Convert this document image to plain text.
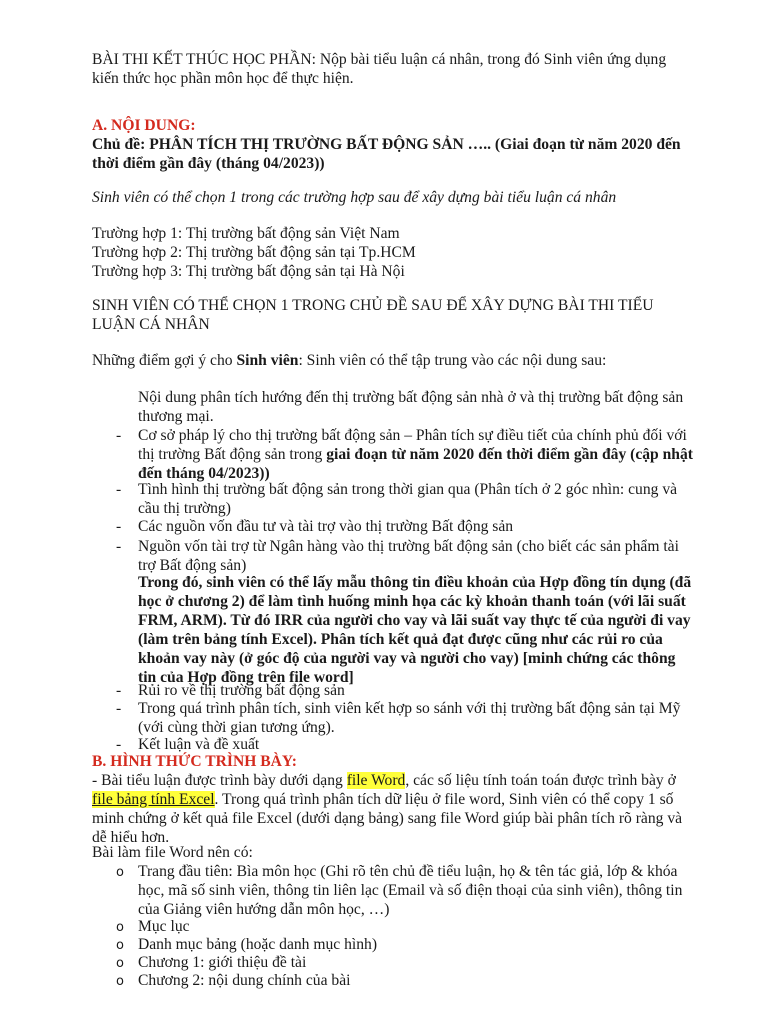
BÀI THI KẾT THÚC HỌC PHẦN: Nộp bài tiểu luận cá nhân, trong đó Sinh viên ứng dụng kiến thức học phần môn học để thực hiện.

A. NỘI DUNG:

Chủ đề: PHÂN TÍCH THỊ TRƯỜNG BẤT ĐỘNG SẢN ….. (Giai đoạn từ năm 2020 đến thời điểm gần đây (tháng 04/2023))

Sinh viên có thể chọn 1 trong các trường hợp sau để xây dựng bài tiểu luận cá nhân

Trường hợp 1: Thị trường bất động sản Việt Nam

Trường hợp 2: Thị trường bất động sản tại Tp.HCM

Trường hợp 3: Thị trường bất động sản tại Hà Nội

SINH VIÊN CÓ THỂ CHỌN 1 TRONG CHỦ ĐỀ SAU ĐỂ XÂY DỰNG BÀI THI TIỂU LUẬN CÁ NHÂN

Những điểm gợi ý cho Sinh viên: Sinh viên có thể tập trung vào các nội dung sau:

Nội dung phân tích hướng đến thị trường bất động sản nhà ở và thị trường bất động sản thương mại.

- Cơ sở pháp lý cho thị trường bất động sản – Phân tích sự điều tiết của chính phủ đối với thị trường Bất động sản trong giai đoạn từ năm 2020 đến thời điểm gần đây (cập nhật đến tháng 04/2023))

- Tình hình thị trường bất động sản trong thời gian qua (Phân tích ở 2 góc nhìn: cung và cầu thị trường)

- Các nguồn vốn đầu tư và tài trợ vào thị trường Bất động sản

- Nguồn vốn tài trợ từ Ngân hàng vào thị trường bất động sản (cho biết các sản phẩm tài trợ Bất động sản)

Trong đó, sinh viên có thể lấy mẫu thông tin điều khoản của Hợp đồng tín dụng (đã học ở chương 2) để làm tình huống minh họa các kỳ khoản thanh toán (với lãi suất FRM, ARM). Từ đó IRR của người cho vay và lãi suất vay thực tế của người đi vay (làm trên bảng tính Excel). Phân tích kết quả đạt được cũng như các rủi ro của khoản vay này (ở góc độ của người vay và người cho vay) [minh chứng các thông tin của Hợp đồng trên file word]

- Rủi ro về thị trường bất động sản

- Trong quá trình phân tích, sinh viên kết hợp so sánh với thị trường bất động sản tại Mỹ (với cùng thời gian tương ứng).

- Kết luận và đề xuất

B. HÌNH THỨC TRÌNH BÀY:

- Bài tiểu luận được trình bày dưới dạng file Word, các số liệu tính toán toán được trình bày ở file bảng tính Excel. Trong quá trình phân tích dữ liệu ở file word, Sinh viên có thể copy 1 số minh chứng ở kết quả file Excel (dưới dạng bảng) sang file Word giúp bài phân tích rõ ràng và dễ hiểu hơn.

Bài làm file Word nên có:

o Trang đầu tiên: Bìa môn học (Ghi rõ tên chủ đề tiểu luận, họ & tên tác giả, lớp & khóa học, mã số sinh viên, thông tin liên lạc (Email và số điện thoại của sinh viên), thông tin của Giảng viên hướng dẫn môn học, …)

o Mục lục

o Danh mục bảng (hoặc danh mục hình)

o Chương 1: giới thiệu đề tài

o Chương 2: nội dung chính của bài
